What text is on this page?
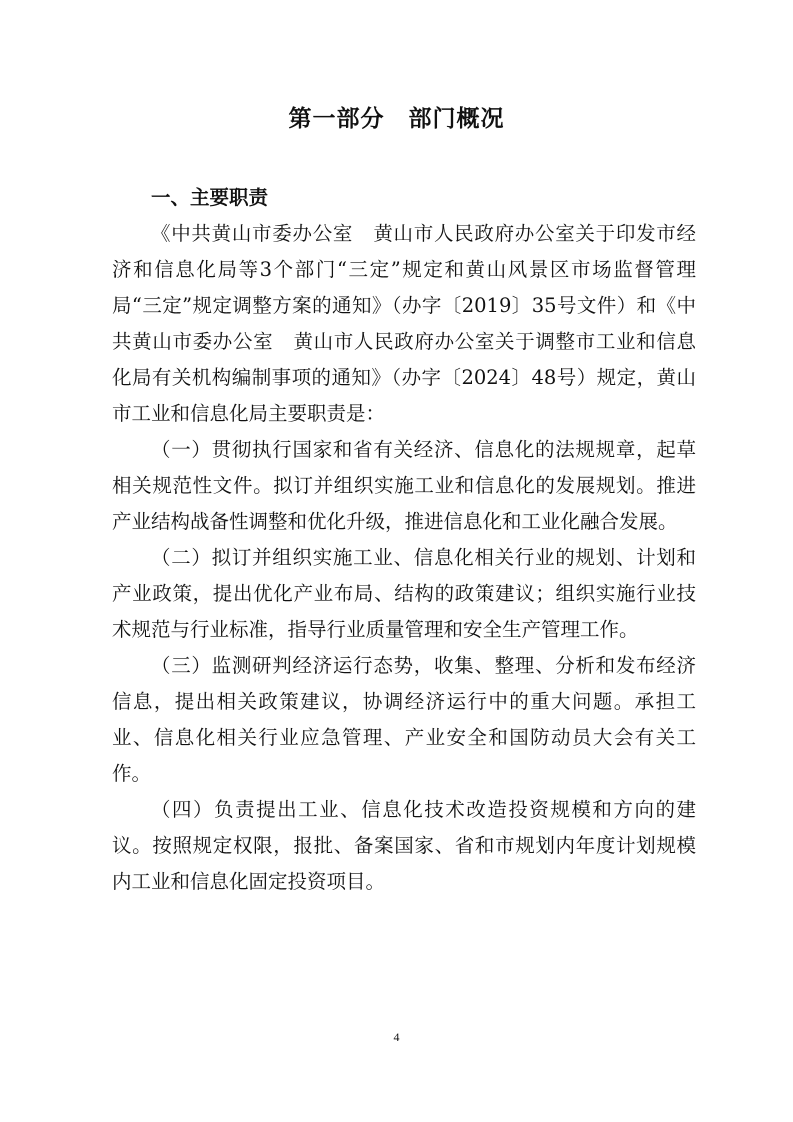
第一部分　部门概况
一、主要职责

《中共黄山市委办公室　黄山市人民政府办公室关于印发市经济和信息化局等3个部门“三定”规定和黄山风景区市场监督管理局“三定”规定调整方案的通知》（办字〔2019〕35号文件）和《中共黄山市委办公室　黄山市人民政府办公室关于调整市工业和信息化局有关机构编制事项的通知》（办字〔2024〕48号）规定，黄山市工业和信息化局主要职责是：

（一）贯彻执行国家和省有关经济、信息化的法规规章，起草相关规范性文件。拟订并组织实施工业和信息化的发展规划。推进产业结构战备性调整和优化升级，推进信息化和工业化融合发展。

（二）拟订并组织实施工业、信息化相关行业的规划、计划和产业政策，提出优化产业布局、结构的政策建议；组织实施行业技术规范与行业标准，指导行业质量管理和安全生产管理工作。

（三）监测研判经济运行态势，收集、整理、分析和发布经济信息，提出相关政策建议，协调经济运行中的重大问题。承担工业、信息化相关行业应急管理、产业安全和国防动员大会有关工作。

（四）负责提出工业、信息化技术改造投资规模和方向的建议。按照规定权限，报批、备案国家、省和市规划内年度计划规模内工业和信息化固定投资项目。

4
